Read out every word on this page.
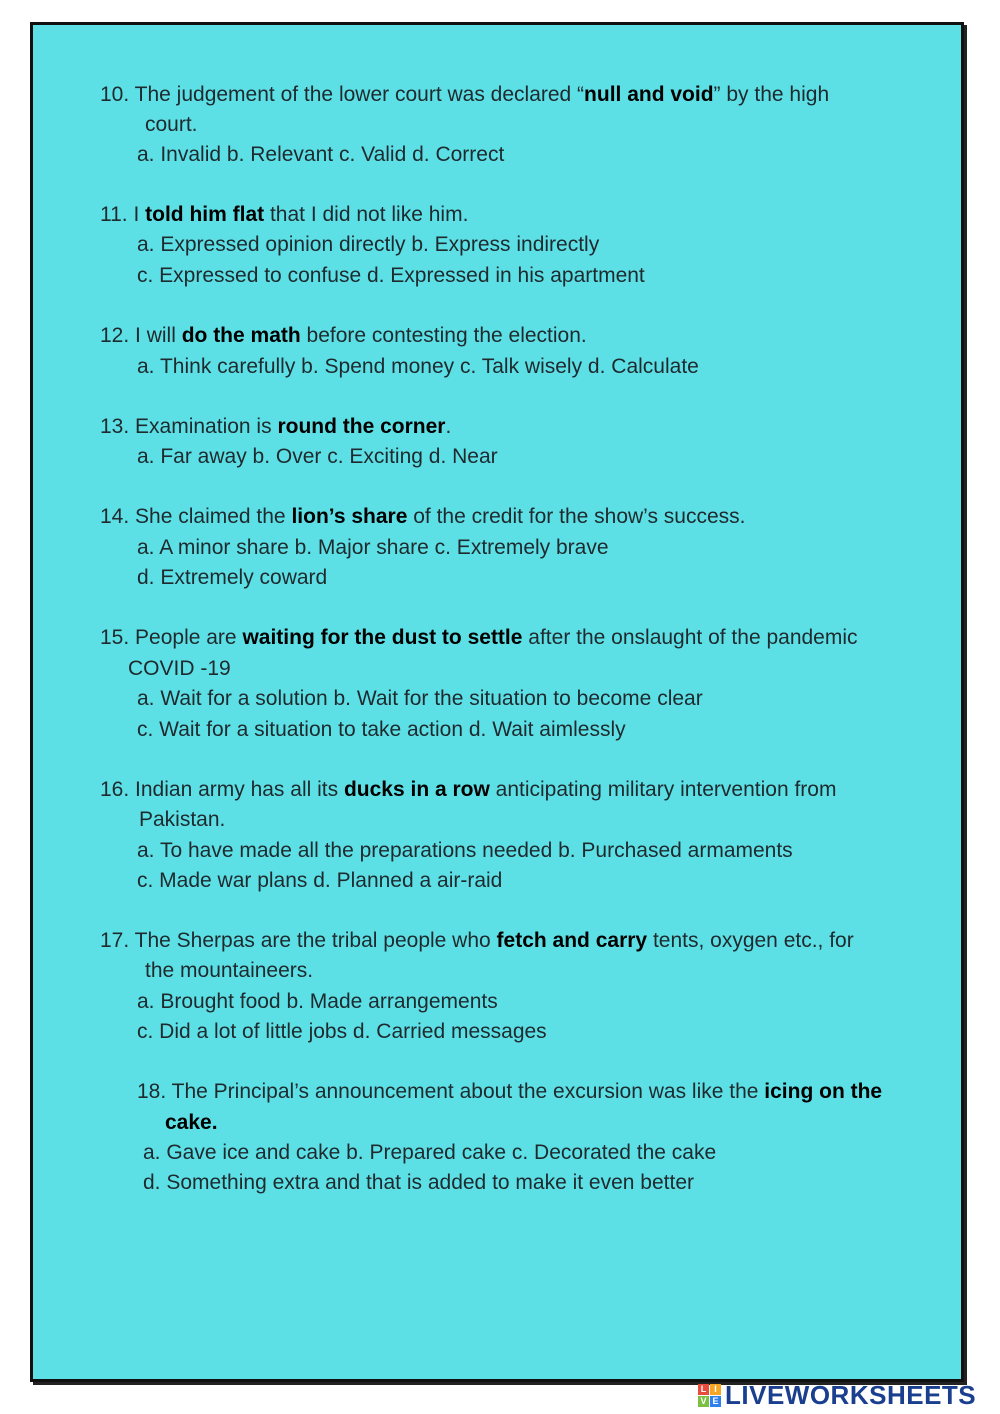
10. The judgement of the lower court was declared “null and void” by the high
court.
a. Invalid b. Relevant c. Valid d. Correct
11. I told him flat that I did not like him.
a. Expressed opinion directly b. Express indirectly
c. Expressed to confuse d. Expressed in his apartment
12. I will do the math before contesting the election.
a. Think carefully b. Spend money c. Talk wisely d. Calculate
13. Examination is round the corner.
a. Far away b. Over c. Exciting d. Near
14. She claimed the lion’s share of the credit for the show’s success.
a. A minor share b. Major share c. Extremely brave
d. Extremely coward
15. People are waiting for the dust to settle after the onslaught of the pandemic
COVID -19
a. Wait for a solution b. Wait for the situation to become clear
c. Wait for a situation to take action d. Wait aimlessly
16. Indian army has all its ducks in a row anticipating military intervention from
Pakistan.
a. To have made all the preparations needed b. Purchased armaments
c. Made war plans d. Planned a air-raid
17. The Sherpas are the tribal people who fetch and carry tents, oxygen etc., for
the mountaineers.
a. Brought food b. Made arrangements
c. Did a lot of little jobs d. Carried messages
18. The Principal’s announcement about the excursion was like the icing on the
cake.
a. Gave ice and cake b. Prepared cake c. Decorated the cake
d. Something extra and that is added to make it even better
L I
V E LIVEWORKSHEETS
